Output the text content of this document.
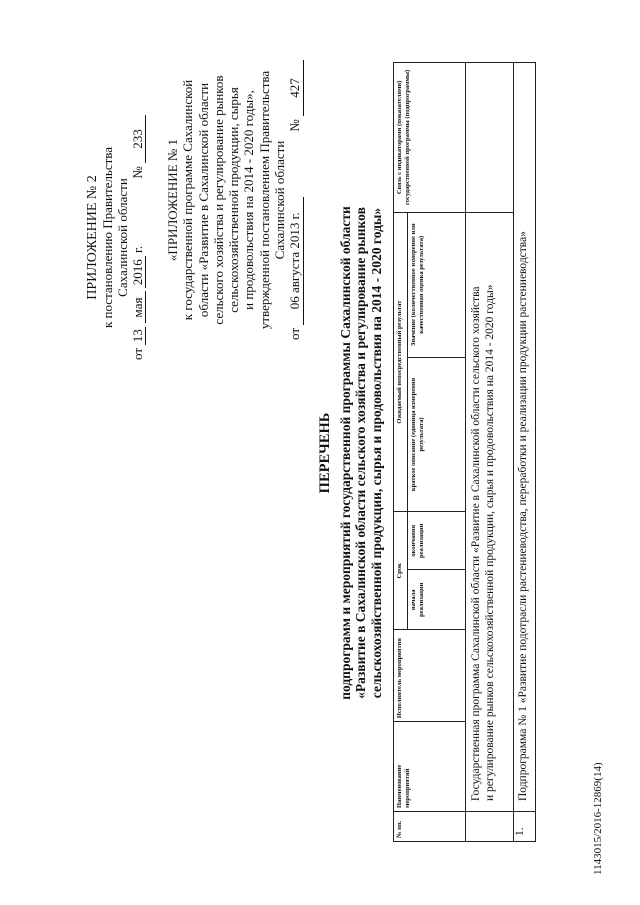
ПРИЛОЖЕНИЕ № 2 к постановлению Правительства Сахалинской области
от 13 мая 2016 г.
№ 233 «ПРИЛОЖЕНИЕ № 1 к государственной программе Сахалинской области «Развитие в Сахалинской области сельского хозяйства и регулирование рынков сельскохозяйственной продукции, сырья и продовольствия на 2014 - 2020 годы», утвержденной постановлением Правительства Сахалинской области
от 06 августа 2013 г.
№ 427
ПЕРЕЧЕНЬ подпрограмм и мероприятий государственной программы Сахалинской области «Развитие в Сахалинской области сельского хозяйства и регулирование рынков сельскохозяйственной продукции, сырья и продовольствия на 2014 - 2020 годы»
№ пп.	Наименование мероприятий	Исполнитель мероприятия	Срок		Ожидаемый непосредственный результат		Связь с индикаторами (показателями) государственной программы (подпрограммы)
			начала реализации	окончания реализации	краткое описание (единица измерения результата)	Значение (количественное измерение или качественная оценка результата)	

	Государственная программа Сахалинской области «Развитие в Сахалинской области сельского хозяйства и регулирование рынков сельскохозяйственной продукции, сырья и продовольствия на 2014 - 2020 годы»						

1.	Подпрограмма № 1 «Развитие подотрасли растениеводства, переработки и реализации продукции растениеводства»						
1143015/2016-12869(14)
